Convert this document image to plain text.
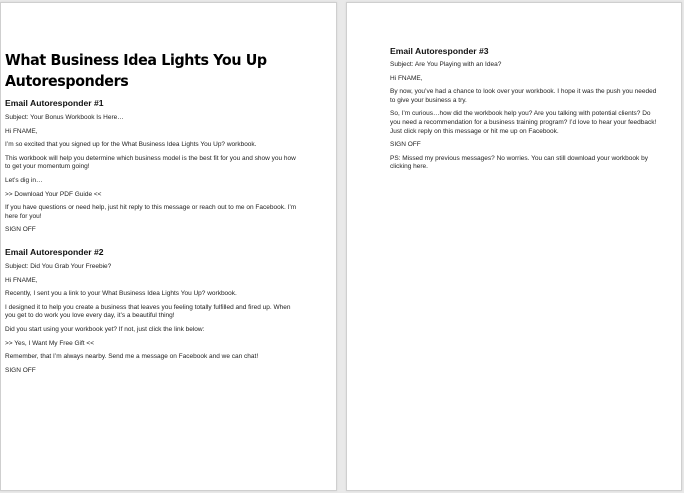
What Business Idea Lights You Up
Autoresponders
Email Autoresponder #1
Subject: Your Bonus Workbook Is Here…
Hi FNAME,
I’m so excited that you signed up for the What Business Idea Lights You Up? workbook.
This workbook will help you determine which business model is the best fit for you and show you how to get your momentum going!
Let’s dig in…
>> Download Your PDF Guide <<
If you have questions or need help, just hit reply to this message or reach out to me on Facebook. I’m here for you!
SIGN OFF
Email Autoresponder #2
Subject: Did You Grab Your Freebie?
Hi FNAME,
Recently, I sent you a link to your What Business Idea Lights You Up? workbook.
I designed it to help you create a business that leaves you feeling totally fulfilled and fired up. When you get to do work you love every day, it’s a beautiful thing!
Did you start using your workbook yet? If not, just click the link below:
>> Yes, I Want My Free Gift <<
Remember, that I’m always nearby. Send me a message on Facebook and we can chat!
SIGN OFF
Email Autoresponder #3
Subject: Are You Playing with an Idea?
Hi FNAME,
By now, you’ve had a chance to look over your workbook. I hope it was the push you needed to give your business a try.
So, I’m curious…how did the workbook help you? Are you talking with potential clients? Do you need a recommendation for a business training program? I’d love to hear your feedback! Just click reply on this message or hit me up on Facebook.
SIGN OFF
PS: Missed my previous messages? No worries. You can still download your workbook by clicking here.
